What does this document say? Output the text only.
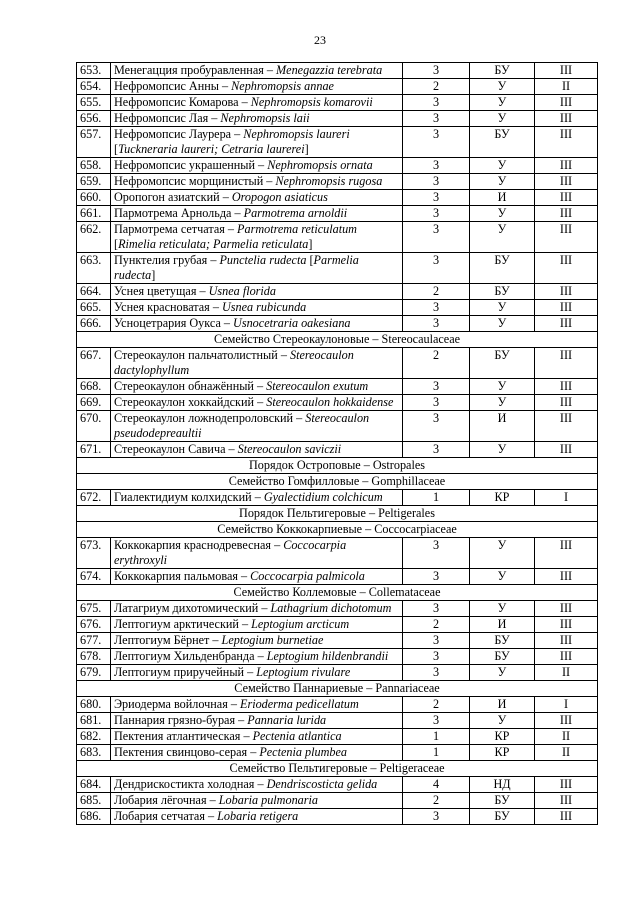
23
653.	Менегацция пробуравленная – Menegazzia terebrata	3	БУ	III
654.	Нефромопсис Анны – Nephromopsis annae	2	У	II
655.	Нефромопсис Комарова – Nephromopsis komarovii	3	У	III
656.	Нефромопсис Лая – Nephromopsis laii	3	У	III
657.	Нефромопсис Лаурера – Nephromopsis laureri [Tuckneraria laureri; Cetraria laurerei]	3	БУ	III
658.	Нефромопсис украшенный – Nephromopsis ornata	3	У	III
659.	Нефромопсис морщинистый – Nephromopsis rugosa	3	У	III
660.	Оропогон азиатский – Oropogon asiaticus	3	И	III
661.	Пармотрема Арнольда – Parmotrema arnoldii	3	У	III
662.	Пармотрема сетчатая – Parmotrema reticulatum [Rimelia reticulata; Parmelia reticulata]	3	У	III
663.	Пунктелия грубая – Punctelia rudecta [Parmelia rudecta]	3	БУ	III
664.	Уснея цветущая – Usnea florida	2	БУ	III
665.	Уснея красноватая – Usnea rubicunda	3	У	III
666.	Усноцетрария Оукса – Usnocetraria oakesiana	3	У	III
Семейство Стереокаулоновые – Stereocaulaceae				
667.	Стереокаулон пальчатолистный – Stereocaulon dactylophyllum	2	БУ	III
668.	Стереокаулон обнажённый – Stereocaulon exutum	3	У	III
669.	Стереокаулон хоккайдский – Stereocaulon hokkaidense	3	У	III
670.	Стереокаулон ложнодепроловский – Stereocaulon pseudodepreaultii	3	И	III
671.	Стереокаулон Савича – Stereocaulon saviczii	3	У	III
Порядок Остроповые – Ostropales				
Семейство Гомфилловые – Gomphillaceae				
672.	Гиалектидиум колхидский – Gyalectidium colchicum	1	КР	I
Порядок Пельтигеровые – Peltigerales				
Семейство Коккокарпиевые – Coccocarpiaceae				
673.	Коккокарпия краснодревесная – Coccocarpia erythroxyli	3	У	III
674.	Коккокарпия пальмовая – Coccocarpia palmicola	3	У	III
Семейство Коллемовые – Collemataceae				
675.	Латагриум дихотомический – Lathagrium dichotomum	3	У	III
676.	Лептогиум арктический – Leptogium arcticum	2	И	III
677.	Лептогиум Бёрнет – Leptogium burnetiae	3	БУ	III
678.	Лептогиум Хильденбранда – Leptogium hildenbrandii	3	БУ	III
679.	Лептогиум приручейный – Leptogium rivulare	3	У	II
Семейство Паннариевые – Pannariaceae				
680.	Эриодерма войлочная – Erioderma pedicellatum	2	И	I
681.	Паннария грязно-бурая – Pannaria lurida	3	У	III
682.	Пектения атлантическая – Pectenia atlantica	1	КР	II
683.	Пектения свинцово-серая – Pectenia plumbea	1	КР	II
Семейство Пельтигеровые – Peltigeraceae				
684.	Дендрискостикта холодная – Dendriscosticta gelida	4	НД	III
685.	Лобария лёгочная – Lobaria pulmonaria	2	БУ	III
686.	Лобария сетчатая – Lobaria retigera	3	БУ	III
